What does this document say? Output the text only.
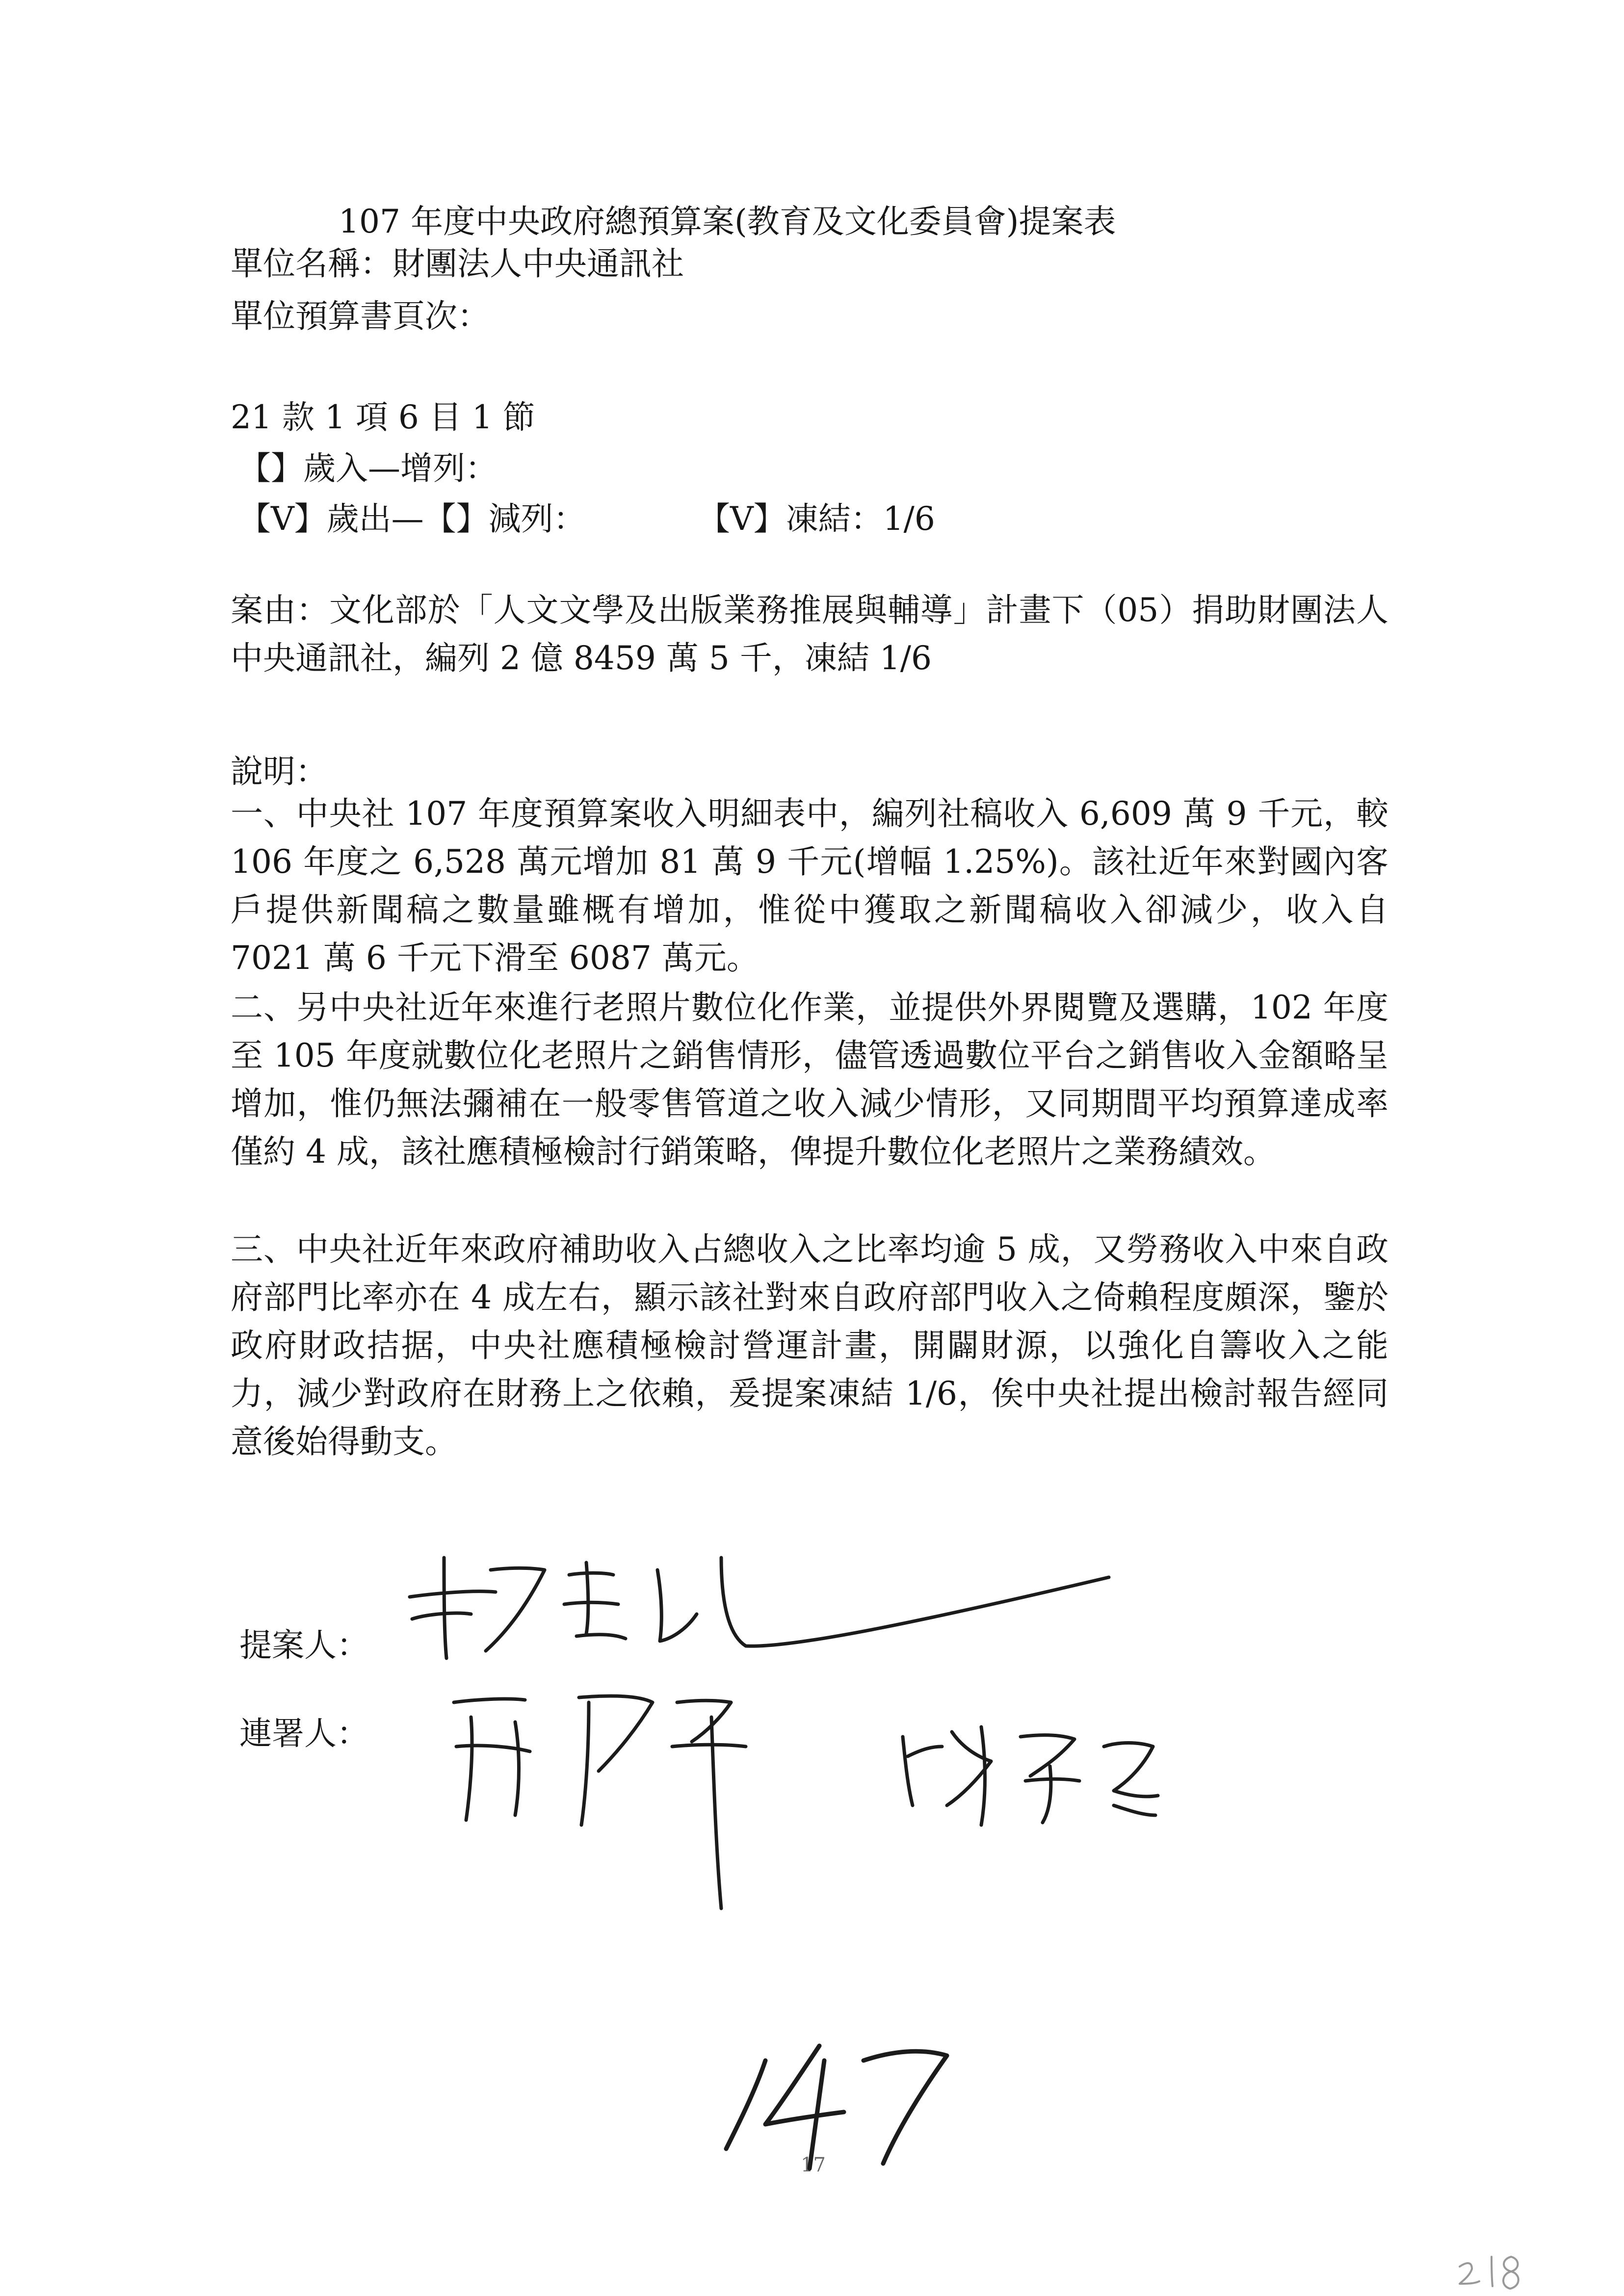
107 年度中央政府總預算案(教育及文化委員會)提案表
單位名稱：財團法人中央通訊社
單位預算書頁次：
21 款 1 項 6 目 1 節
【】歲入—增列：
【V】歲出—【】減列：	【V】凍結：1/6
案由：文化部於「人文文學及出版業務推展與輔導」計畫下（05）捐助財團法人中央通訊社，編列 2 億 8459 萬 5 千，凍結 1/6
說明：
一、中央社 107 年度預算案收入明細表中，編列社稿收入 6,609 萬 9 千元，較 106 年度之 6,528 萬元增加 81 萬 9 千元(增幅 1.25%)。該社近年來對國內客戶提供新聞稿之數量雖概有增加，惟從中獲取之新聞稿收入卻減少，收入自 7021 萬 6 千元下滑至 6087 萬元。
二、另中央社近年來進行老照片數位化作業，並提供外界閱覽及選購，102 年度至 105 年度就數位化老照片之銷售情形，儘管透過數位平台之銷售收入金額略呈增加，惟仍無法彌補在一般零售管道之收入減少情形，又同期間平均預算達成率僅約 4 成，該社應積極檢討行銷策略，俾提升數位化老照片之業務績效。
三、中央社近年來政府補助收入占總收入之比率均逾 5 成，又勞務收入中來自政府部門比率亦在 4 成左右，顯示該社對來自政府部門收入之倚賴程度頗深，鑒於政府財政拮据，中央社應積極檢討營運計畫，開闢財源，以強化自籌收入之能力，減少對政府在財務上之依賴，爰提案凍結 1/6，俟中央社提出檢討報告經同意後始得動支。
提案人：
連署人：
17
